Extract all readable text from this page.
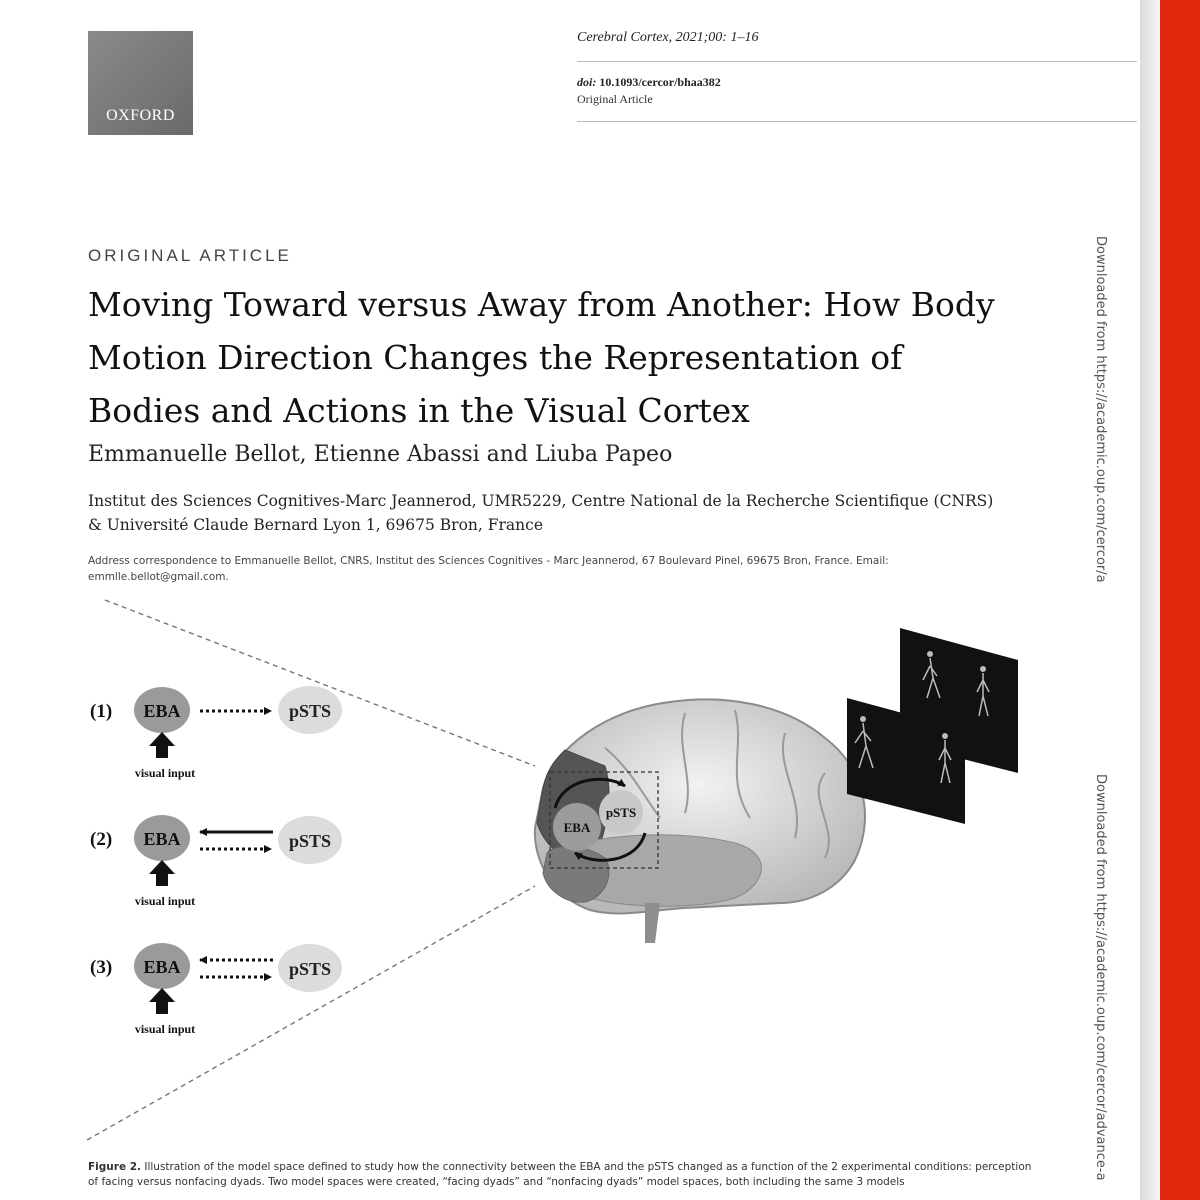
OXFORD
Cerebral Cortex, 2021;00: 1–16
doi: 10.1093/cercor/bhaa382
Original Article
ORIGINAL ARTICLE
Moving Toward versus Away from Another: How Body Motion Direction Changes the Representation of Bodies and Actions in the Visual Cortex
Emmanuelle Bellot, Etienne Abassi and Liuba Papeo
Institut des Sciences Cognitives-Marc Jeannerod, UMR5229, Centre National de la Recherche Scientifique (CNRS) & Université Claude Bernard Lyon 1, 69675 Bron, France
Address correspondence to Emmanuelle Bellot, CNRS, Institut des Sciences Cognitives - Marc Jeannerod, 67 Boulevard Pinel, 69675 Bron, France. Email: emmlle.bellot@gmail.com.	Downloaded from https://academic.oup.com/cercor/a
Downloaded from https://academic.oup.com/cercor/advance-a
(1) EBA	pSTS
visual input
(2) EBA	pSTS
visual input
(3) EBA	pSTS
visual input
EBA
pSTS
Figure 2. Illustration of the model space defined to study how the connectivity between the EBA and the pSTS changed as a function of the 2 experimental conditions: perception of facing versus nonfacing dyads. Two model spaces were created, “facing dyads” and “nonfacing dyads” model spaces, both including the same 3 models
